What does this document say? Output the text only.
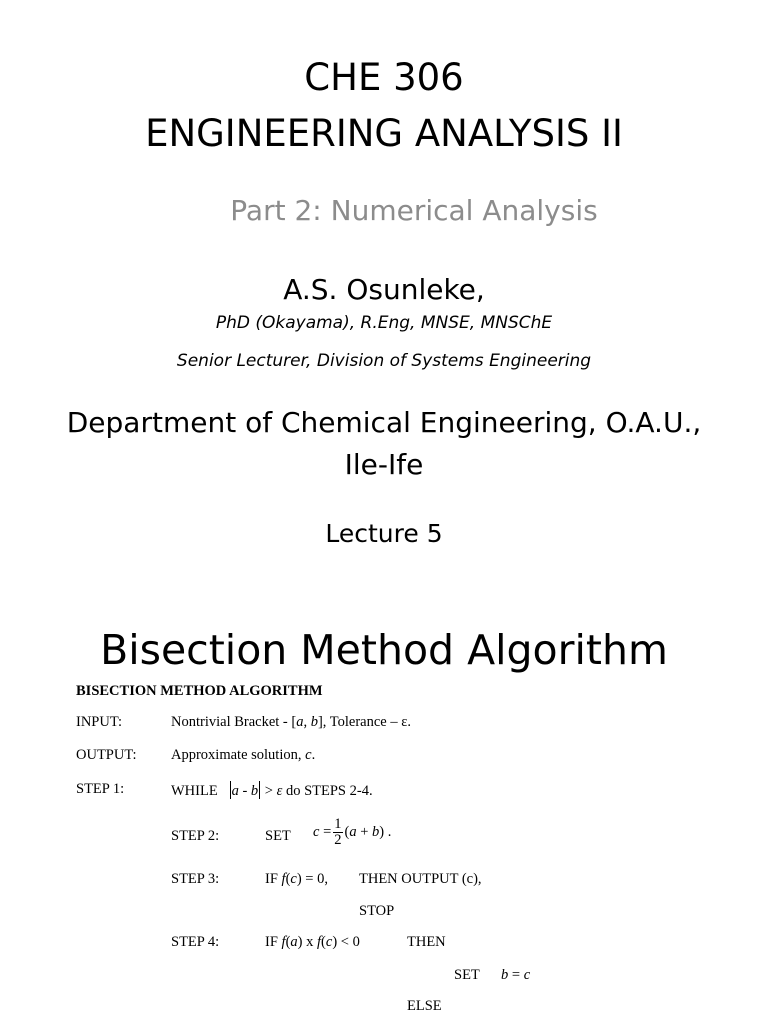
CHE 306
ENGINEERING ANALYSIS II
Part 2: Numerical Analysis
A.S. Osunleke,
PhD (Okayama), R.Eng, MNSE, MNSChE
Senior Lecturer, Division of Systems Engineering
Department of Chemical Engineering, O.A.U.,
Ile-Ife
Lecture 5
Bisection Method Algorithm
BISECTION METHOD ALGORITHM
INPUT:	Nontrivial Bracket - [a, b], Tolerance – ε.
OUTPUT: Approximate solution, c.
STEP 1:	WHILE a - b > ε do STEPS 2-4.
STEP 2:	SET $c = \frac{1}{2} (a + b)$ .
STEP 3:	IF f(c) = 0, THEN OUTPUT (c),
STOP
STEP 4:	IF f(a) x f(c) < 0	THEN
SET b = c
ELSE
